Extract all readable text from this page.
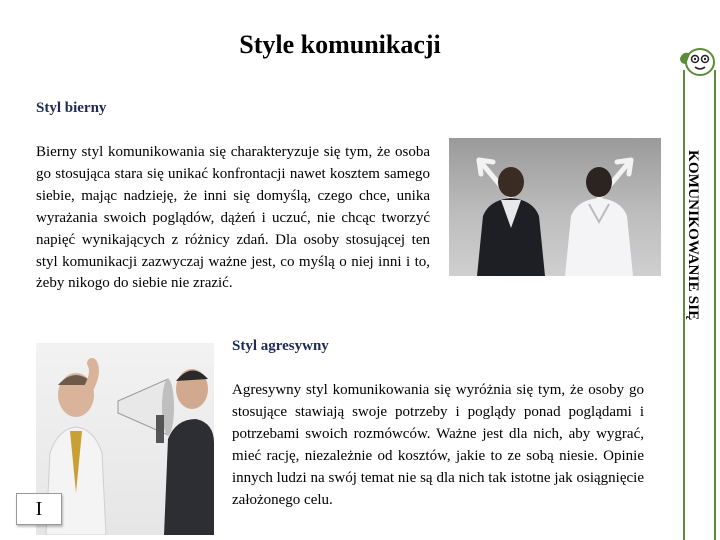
Style komunikacji
Styl bierny

Bierny styl komunikowania się charakteryzuje się tym, że osoba go stosująca stara się unikać konfrontacji nawet kosztem samego siebie, mając nadzieję, że inni się domyślą, czego chce, unika wyrażania swoich poglądów, dążeń i uczuć, nie chcąc tworzyć napięć wynikających z różnicy zdań. Dla osoby stosującej ten styl komunikacji zazwyczaj ważne jest, co myślą o niej inni i to, żeby nikogo do siebie nie zrazić.

Styl agresywny

Agresywny styl komunikowania się wyróżnia się tym, że osoby go stosujące stawiają swoje potrzeby i poglądy ponad poglądami i potrzebami swoich rozmówców. Ważne jest dla nich, aby wygrać, mieć rację, niezależnie od kosztów, jakie to ze sobą niesie. Opinie innych ludzi na swój temat nie są dla nich tak istotne jak osiągnięcie założonego celu.

I
KOMUNIKOWANIE SIĘ
